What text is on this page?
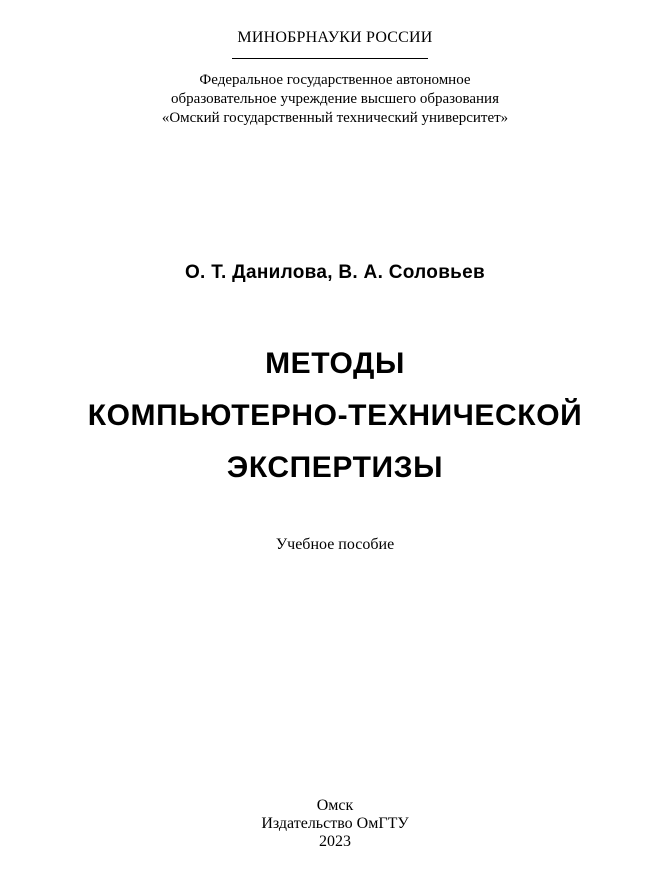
МИНОБРНАУКИ РОССИИ
Федеральное государственное автономное
образовательное учреждение высшего образования
«Омский государственный технический университет»
О. Т. Данилова, В. А. Соловьев
МЕТОДЫ
КОМПЬЮТЕРНО-ТЕХНИЧЕСКОЙ
ЭКСПЕРТИЗЫ
Учебное пособие
Омск
Издательство ОмГТУ
2023
